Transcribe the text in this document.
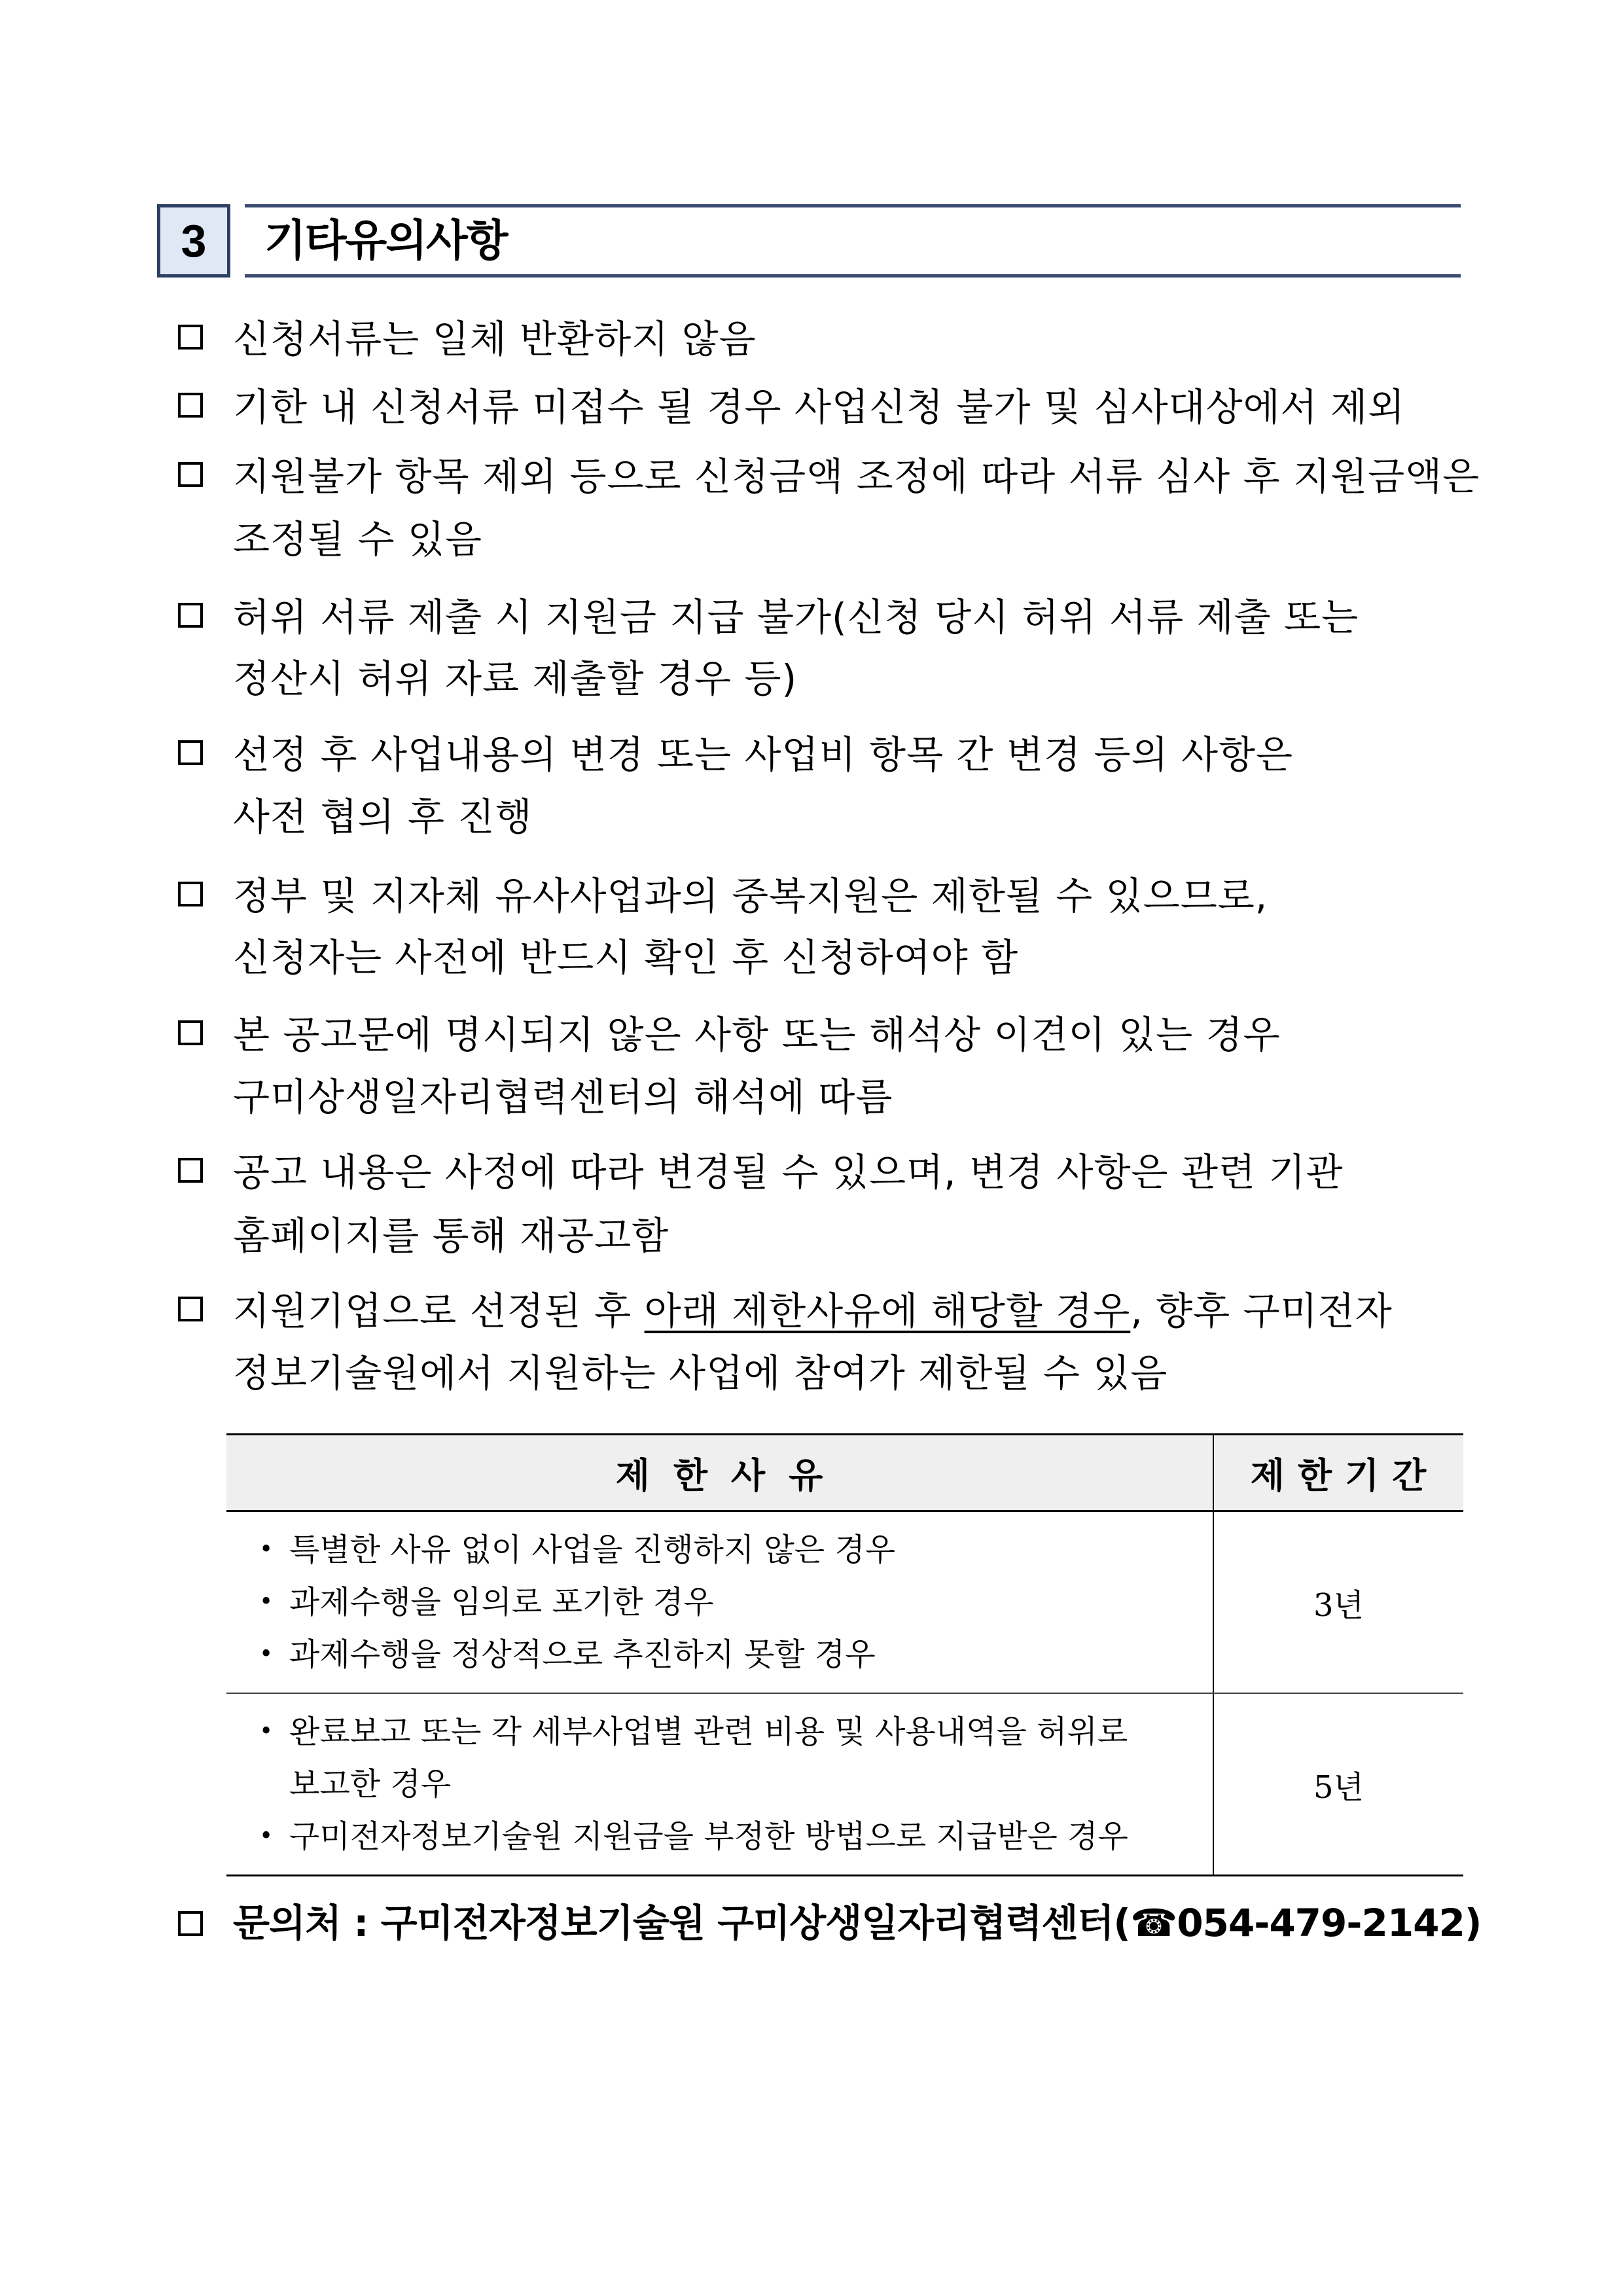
3 기타유의사항
신청서류는 일체 반환하지 않음
기한 내 신청서류 미접수 될 경우 사업신청 불가 및 심사대상에서 제외
지원불가 항목 제외 등으로 신청금액 조정에 따라 서류 심사 후 지원금액은
조정될 수 있음
허위 서류 제출 시 지원금 지급 불가(신청 당시 허위 서류 제출 또는
정산시 허위 자료 제출할 경우 등)
선정 후 사업내용의 변경 또는 사업비 항목 간 변경 등의 사항은
사전 협의 후 진행
정부 및 지자체 유사사업과의 중복지원은 제한될 수 있으므로,
신청자는 사전에 반드시 확인 후 신청하여야 함
본 공고문에 명시되지 않은 사항 또는 해석상 이견이 있는 경우
구미상생일자리협력센터의 해석에 따름
공고 내용은 사정에 따라 변경될 수 있으며, 변경 사항은 관련 기관
홈페이지를 통해 재공고함
지원기업으로 선정된 후 아래 제한사유에 해당할 경우, 향후 구미전자
정보기술원에서 지원하는 사업에 참여가 제한될 수 있음
제한사유	제한기간

• 특별한 사유 없이 사업을 진행하지 않은 경우
• 과제수행을 임의로 포기한 경우
• 과제수행을 정상적으로 추진하지 못할 경우	3년

• 완료보고 또는 각 세부사업별 관련 비용 및 사용내역을 허위로
보고한 경우
• 구미전자정보기술원 지원금을 부정한 방법으로 지급받은 경우	5년
문의처 : 구미전자정보기술원 구미상생일자리협력센터(☎054-479-2142)
